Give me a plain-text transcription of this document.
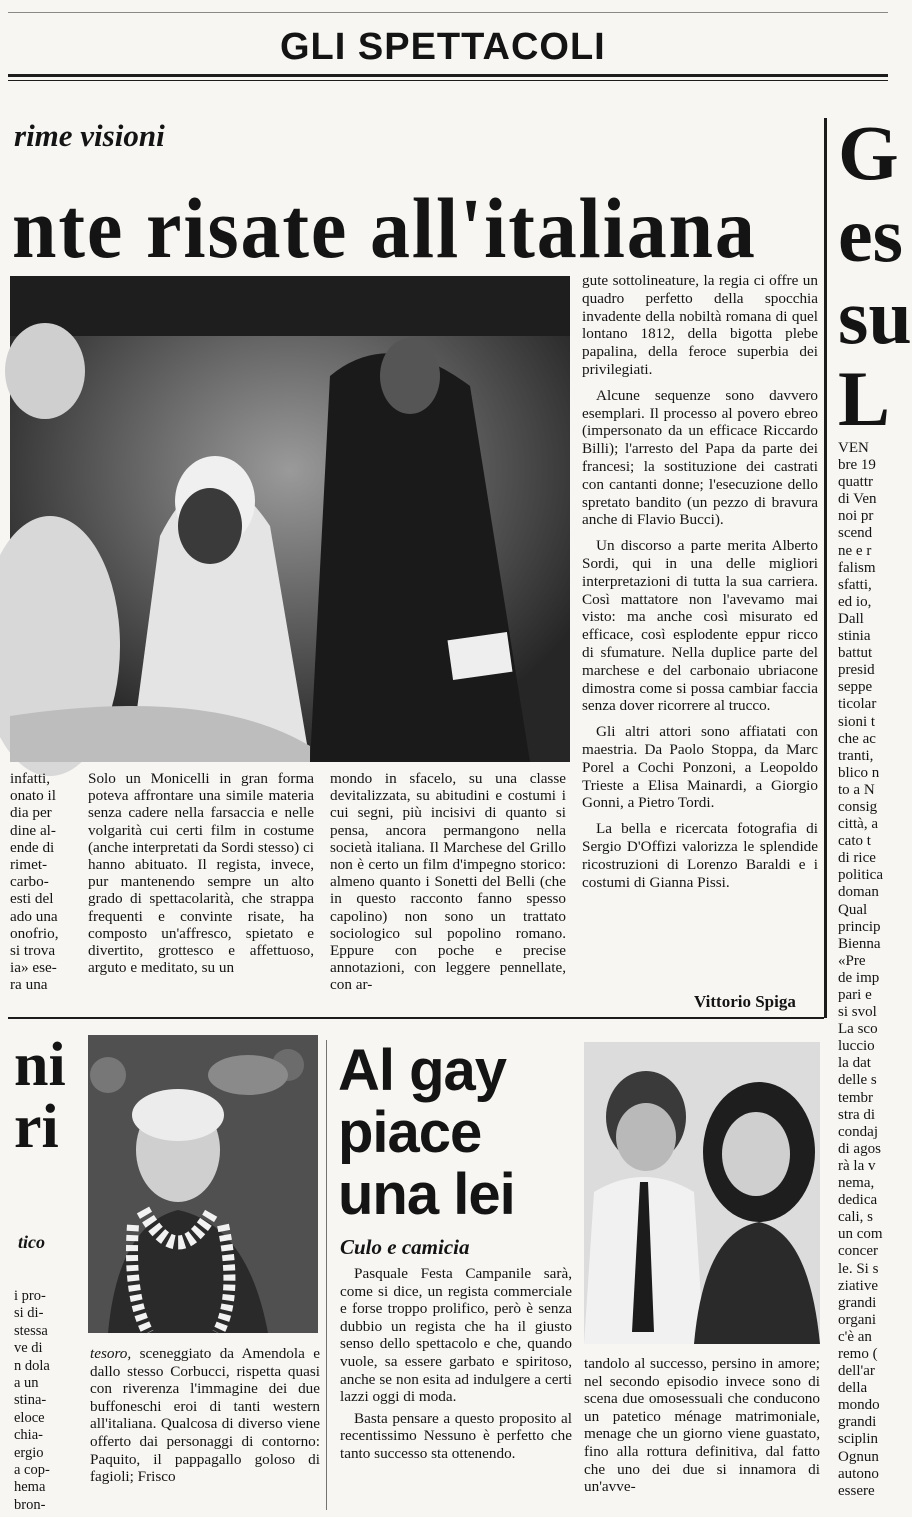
GLI SPETTACOLI
rime visioni
nte risate all'italiana
G
es
su
L
VEN
bre 19
quattr
di Ven
noi pr
scend
ne e r
falism
sfatti,
ed io,
Dall
stinia
battut
presid
seppe
ticolar
sioni t
che ac
tranti,
blico n
to a N
consig
città, a
cato t
di rice
politica
doman
Qual
princip
Bienna
«Pre
de imp
pari e
si svol
La sco
luccio
la dat
delle s
tembr
stra di
condaj
di agos
rà la v
nema,
dedica
cali, s
un com
concer
le. Si s
ziative
grandi
organi
c'è an
remo (
dell'ar
della
mondo
grandi
sciplin
Ognun
autono
essere
infatti,
onato il
dia per
dine al-
ende di
rimet-
carbo-
esti del
ado una
onofrio,
si trova
ia» ese-
ra una
Solo un Monicelli in gran forma poteva affrontare una simile materia senza cadere nella farsaccia e nelle volgarità cui certi film in costume (anche interpretati da Sordi stesso) ci hanno abituato. Il regista, invece, pur mantenendo sempre un alto grado di spettacolarità, che strappa frequenti e convinte risate, ha composto un'affresco, spietato e divertito, grottesco e affettuoso, arguto e meditato, su un
mondo in sfacelo, su una classe devitalizzata, su abitudini e costumi i cui segni, più incisivi di quanto si pensa, ancora permangono nella società italiana. Il Marchese del Grillo non è certo un film d'impegno storico: almeno quanto i Sonetti del Belli (che in questo racconto fanno spesso capolino) non sono un trattato sociologico sul popolino romano. Eppure con poche e precise annotazioni, con leggere pennellate, con ar-

gute sottolineature, la regia ci offre un quadro perfetto della spocchia invadente della nobiltà romana di quel lontano 1812, della bigotta plebe papalina, della feroce superbia dei privilegiati.

Alcune sequenze sono davvero esemplari. Il processo al povero ebreo (impersonato da un efficace Riccardo Billi); l'arresto del Papa da parte dei francesi; la sostituzione dei castrati con cantanti donne; l'esecuzione dello spretato bandito (un pezzo di bravura anche di Flavio Bucci).

Un discorso a parte merita Alberto Sordi, qui in una delle migliori interpretazioni di tutta la sua carriera. Così mattatore non l'avevamo mai visto: ma anche così misurato ed efficace, così esplodente eppur ricco di sfumature. Nella duplice parte del marchese e del carbonaio ubriacone dimostra come si possa cambiar faccia senza dover ricorrere al trucco.

Gli altri attori sono affiatati con maestria. Da Paolo Stoppa, da Marc Porel a Cochi Ponzoni, a Leopoldo Trieste a Elisa Mainardi, a Giorgio Gonni, a Pietro Tordi.

La bella e ricercata fotografia di Sergio D'Offizi valorizza le splendide ricostruzioni di Lorenzo Baraldi e i costumi di Gianna Pissi.

Vittorio Spiga
ni
ri
tico
i pro-
si di-
stessa
ve di
n dola
a un
stina-
eloce
chia-
ergio
a cop-
hema
bron-

tesoro, sceneggiato da Amendola e dallo stesso Corbucci, rispetta quasi con riverenza l'immagine dei due buffoneschi eroi di tanti western all'italiana. Qualcosa di diverso viene offerto dai personaggi di contorno: Paquito, il pappagallo goloso di fagioli; Frisco

Al gay
piace
una lei
Culo e camicia

Pasquale Festa Campanile sarà, come si dice, un regista commerciale e forse troppo prolifico, però è senza dubbio un regista che ha il giusto senso dello spettacolo e che, quando vuole, sa essere garbato e spiritoso, anche se non esita ad indulgere a certi lazzi oggi di moda.

Basta pensare a questo proposito al recentissimo Nessuno è perfetto che tanto successo sta ottenendo.

tandolo al successo, persino in amore; nel secondo episodio invece sono di scena due omosessuali che conducono un patetico ménage matrimoniale, menage che un giorno viene guastato, fino alla rottura definitiva, dal fatto che uno dei due si innamora di un'avve-
